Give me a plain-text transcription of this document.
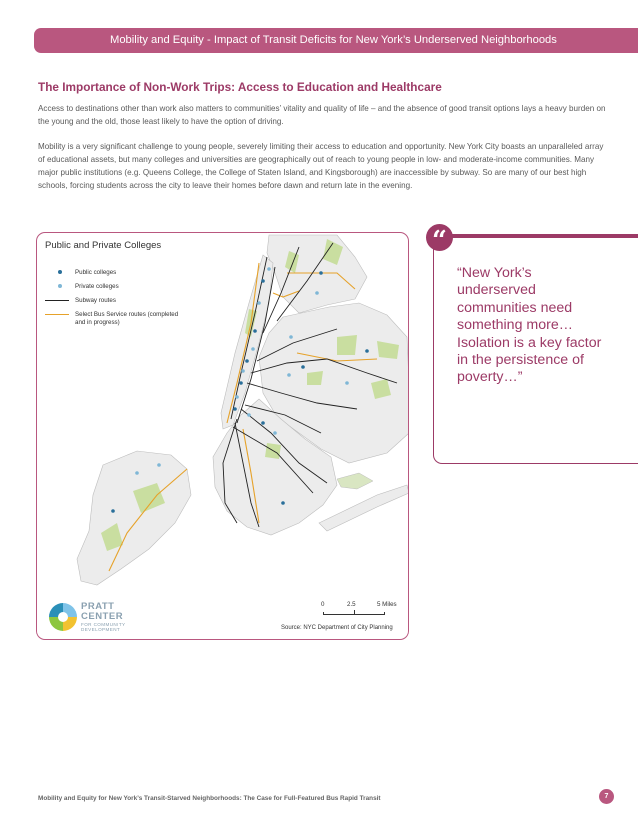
Mobility and Equity - Impact of Transit Deficits for New York’s Underserved Neighborhoods
The Importance of Non-Work Trips: Access to Education and Healthcare

Access to destinations other than work also matters to communities’ vitality and quality of life – and the absence of good transit options lays a heavy burden on the young and the old, those least likely to have the option of driving.

Mobility is a very significant challenge to young people, severely limiting their access to education and opportunity. New York City boasts an unparalleled array of educational assets, but many colleges and universities are geographically out of reach to young people in low- and moderate-income communities. Many major public institutions (e.g. Queens College, the College of Staten Island, and Kingsborough) are inaccessible by subway. So are many of our best high schools, forcing students across the city to leave their homes before dawn and return late in the evening.

Public and Private Colleges
Public colleges
Private colleges
Subway routes
Select Bus Service routes (completed and in progress)
0	2.5	5 Miles
Source: NYC Department of City Planning
PRATT
CENTER
FOR COMMUNITY
DEVELOPMENT
“
“New York’s underserved communities need something more… Isolation is a key factor in the persistence of poverty…”
Mobility and Equity for New York’s Transit-Starved Neighborhoods: The Case for Full-Featured Bus Rapid Transit	7
